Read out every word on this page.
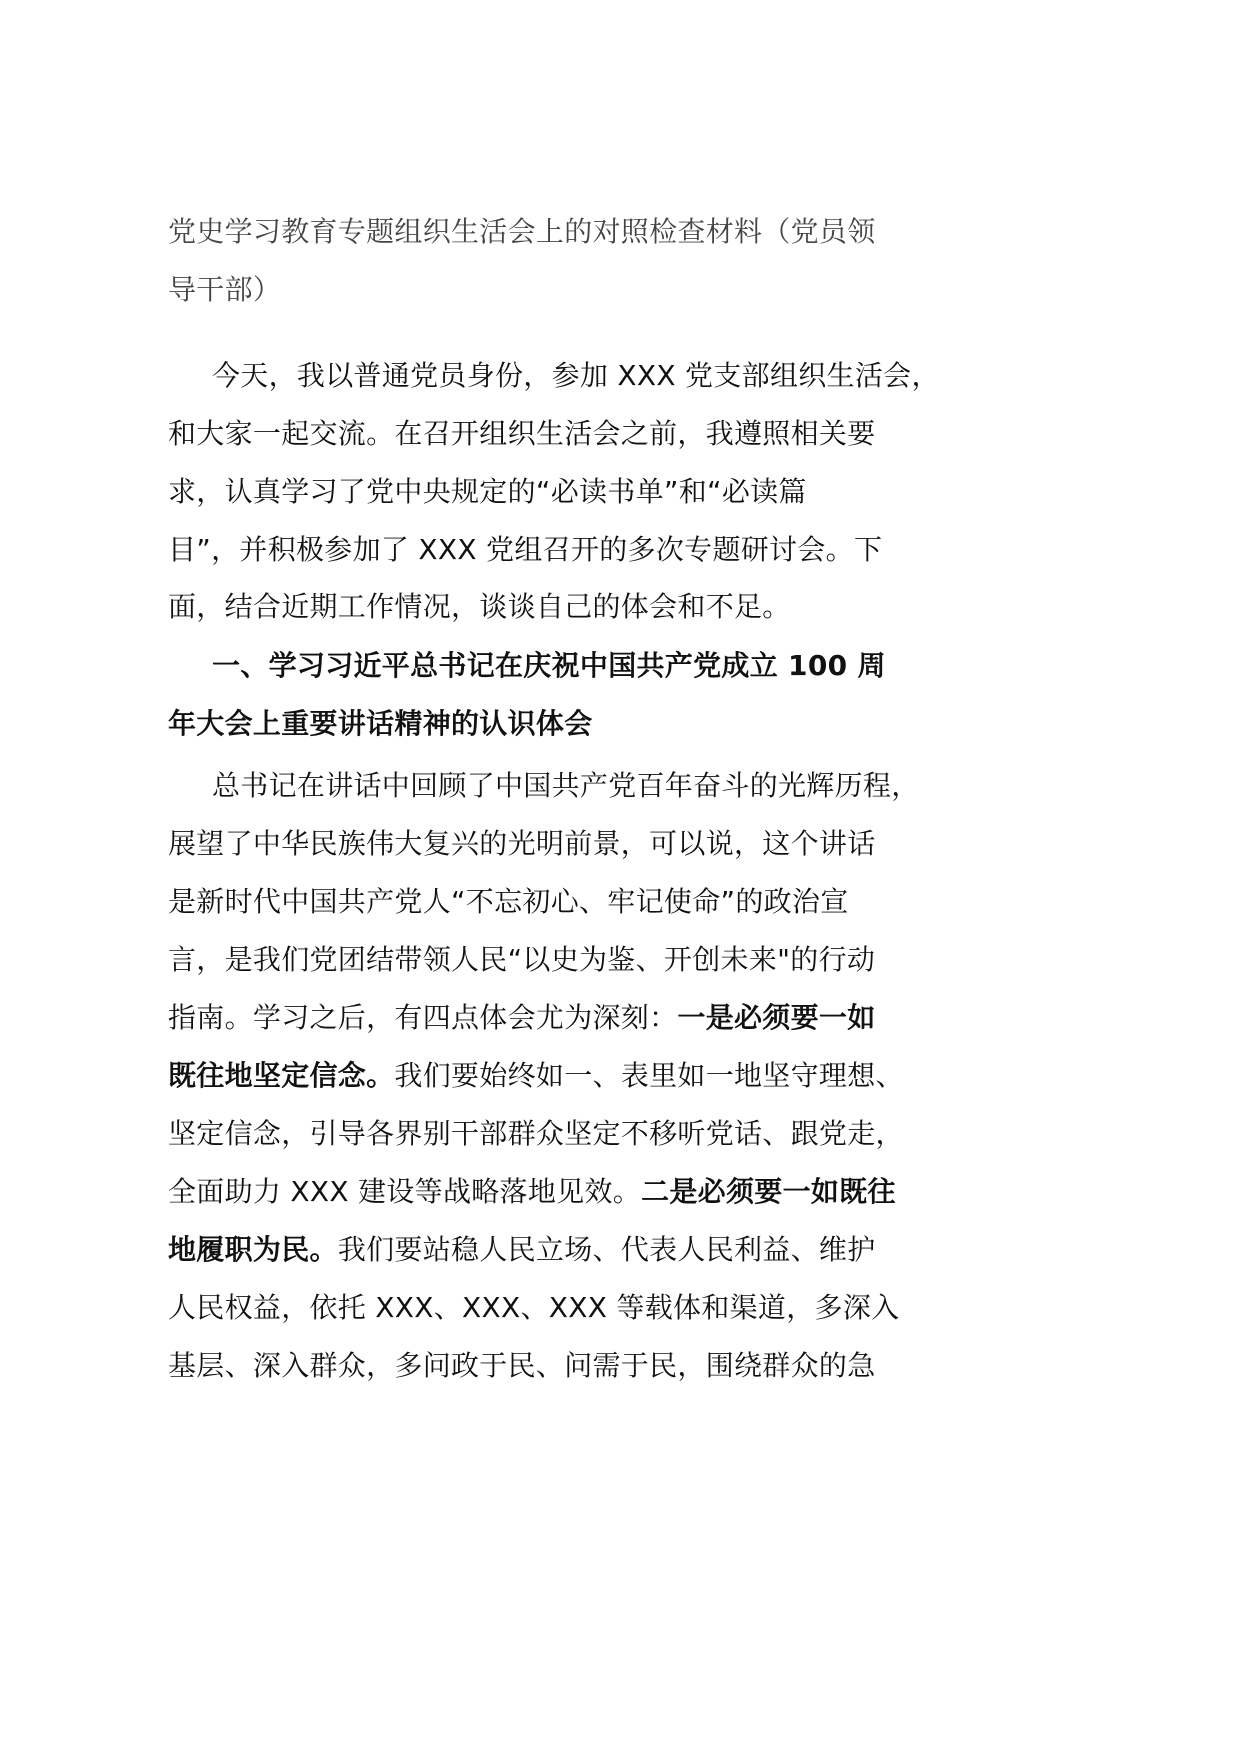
党史学习教育专题组织生活会上的对照检查材料（党员领
导干部）
今天，我以普通党员身份，参加 XXX 党支部组织生活会，
和大家一起交流。在召开组织生活会之前，我遵照相关要
求，认真学习了党中央规定的“必读书单”和“必读篇
目”，并积极参加了 XXX 党组召开的多次专题研讨会。下
面，结合近期工作情况，谈谈自己的体会和不足。
一、学习习近平总书记在庆祝中国共产党成立 100 周
年大会上重要讲话精神的认识体会
总书记在讲话中回顾了中国共产党百年奋斗的光辉历程，
展望了中华民族伟大复兴的光明前景，可以说，这个讲话
是新时代中国共产党人“不忘初心、牢记使命”的政治宣
言，是我们党团结带领人民“以史为鉴、开创未来"的行动
指南。学习之后，有四点体会尤为深刻：一是必须要一如
既往地坚定信念。我们要始终如一、表里如一地坚守理想、
坚定信念，引导各界别干部群众坚定不移听党话、跟党走，
全面助力 XXX 建设等战略落地见效。二是必须要一如既往
地履职为民。我们要站稳人民立场、代表人民利益、维护
人民权益，依托 XXX、XXX、XXX 等载体和渠道，多深入
基层、深入群众，多问政于民、问需于民，围绕群众的急
